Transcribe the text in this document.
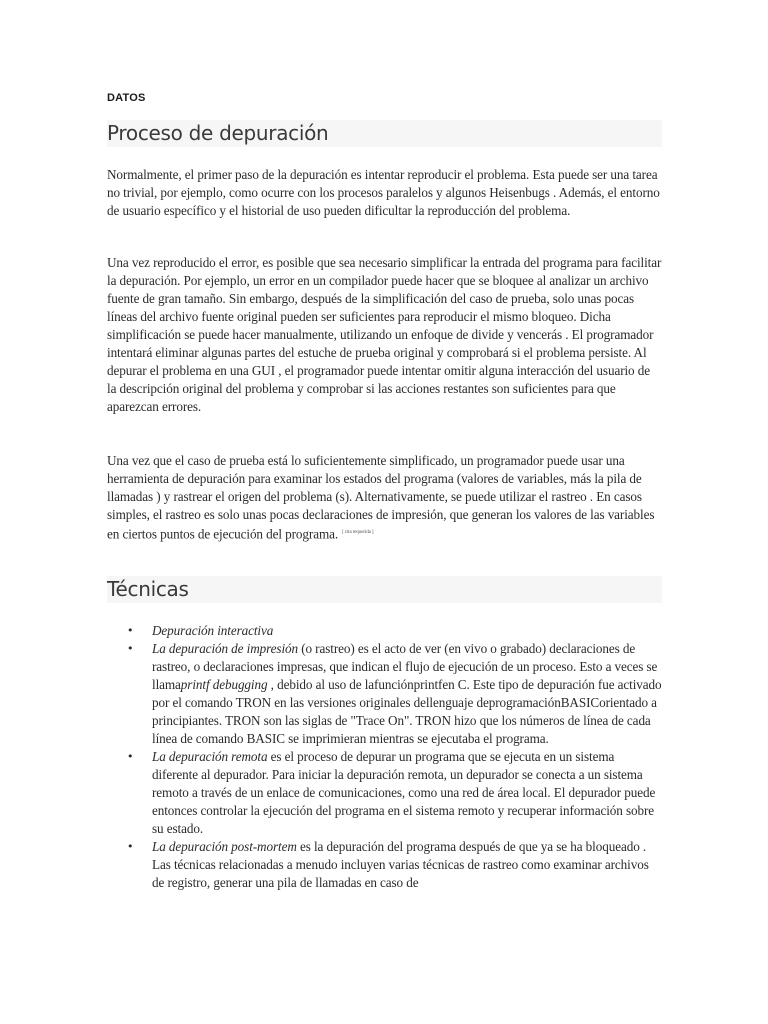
DATOS
Proceso de depuración

Normalmente, el primer paso de la depuración es intentar reproducir el problema. Esta puede ser una tarea no trivial, por ejemplo, como ocurre con los procesos paralelos y algunos Heisenbugs . Además, el entorno de usuario específico y el historial de uso pueden dificultar la reproducción del problema.

Una vez reproducido el error, es posible que sea necesario simplificar la entrada del programa para facilitar la depuración. Por ejemplo, un error en un compilador puede hacer que se bloquee al analizar un archivo fuente de gran tamaño. Sin embargo, después de la simplificación del caso de prueba, solo unas pocas líneas del archivo fuente original pueden ser suficientes para reproducir el mismo bloqueo. Dicha simplificación se puede hacer manualmente, utilizando un enfoque de divide y vencerás . El programador intentará eliminar algunas partes del estuche de prueba original y comprobará si el problema persiste. Al depurar el problema en una GUI , el programador puede intentar omitir alguna interacción del usuario de la descripción original del problema y comprobar si las acciones restantes son suficientes para que aparezcan errores.

Una vez que el caso de prueba está lo suficientemente simplificado, un programador puede usar una herramienta de depuración para examinar los estados del programa (valores de variables, más la pila de llamadas ) y rastrear el origen del problema (s). Alternativamente, se puede utilizar el rastreo . En casos simples, el rastreo es solo unas pocas declaraciones de impresión, que generan los valores de las variables en ciertos puntos de ejecución del programa. [ cita requerida ]

Técnicas
• Depuración interactiva
• La depuración de impresión (o rastreo) es el acto de ver (en vivo o grabado) declaraciones de rastreo, o declaraciones impresas, que indican el flujo de ejecución de un proceso. Esto a veces se llamaprintf debugging , debido al uso de lafunciónprintfen C. Este tipo de depuración fue activado por el comando TRON en las versiones originales dellenguaje deprogramaciónBASICorientado a principiantes. TRON son las siglas de "Trace On". TRON hizo que los números de línea de cada línea de comando BASIC se imprimieran mientras se ejecutaba el programa.
• La depuración remota es el proceso de depurar un programa que se ejecuta en un sistema diferente al depurador. Para iniciar la depuración remota, un depurador se conecta a un sistema remoto a través de un enlace de comunicaciones, como una red de área local. El depurador puede entonces controlar la ejecución del programa en el sistema remoto y recuperar información sobre su estado.
• La depuración post-mortem es la depuración del programa después de que ya se ha bloqueado . Las técnicas relacionadas a menudo incluyen varias técnicas de rastreo como examinar archivos de registro, generar una pila de llamadas en caso de
